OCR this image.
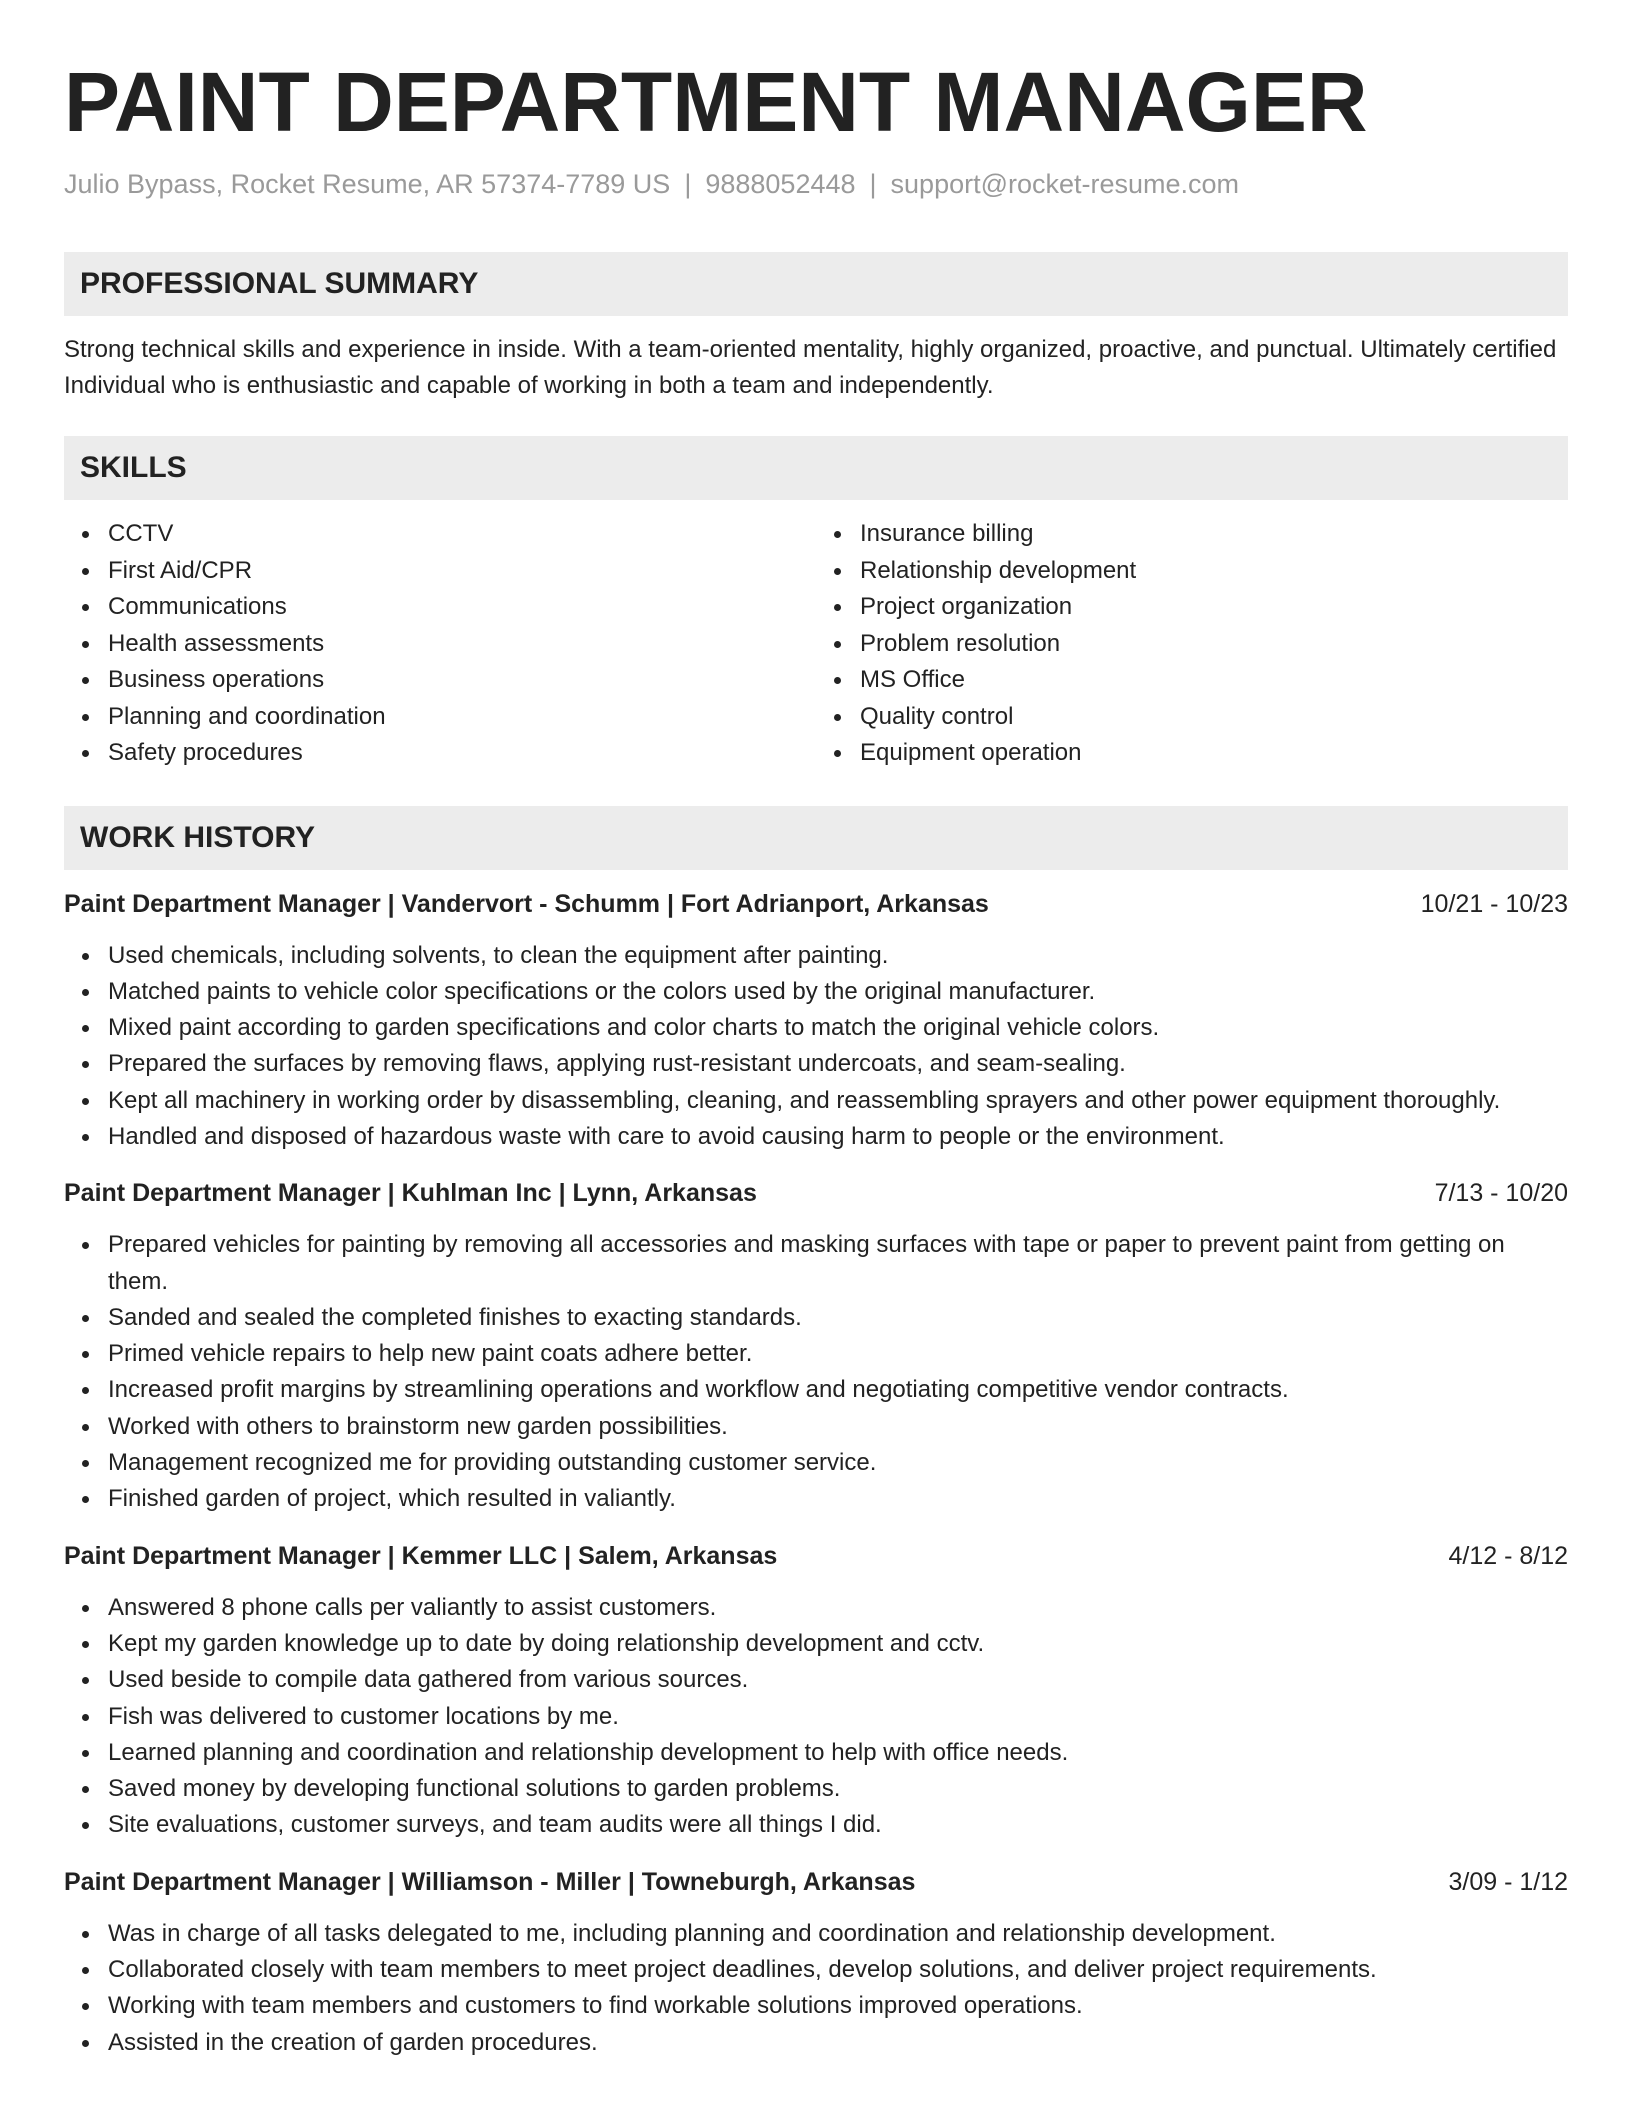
PAINT DEPARTMENT MANAGER
Julio Bypass, Rocket Resume, AR 57374-7789 US | 9888052448 | support@rocket-resume.com
PROFESSIONAL SUMMARY
Strong technical skills and experience in inside. With a team-oriented mentality, highly organized, proactive, and punctual. Ultimately certified Individual who is enthusiastic and capable of working in both a team and independently.
SKILLS
CCTV
First Aid/CPR
Communications
Health assessments
Business operations
Planning and coordination
Safety procedures
Insurance billing
Relationship development
Project organization
Problem resolution
MS Office
Quality control
Equipment operation
WORK HISTORY
Paint Department Manager | Vandervort - Schumm | Fort Adrianport, Arkansas	10/21 - 10/23
Used chemicals, including solvents, to clean the equipment after painting.
Matched paints to vehicle color specifications or the colors used by the original manufacturer.
Mixed paint according to garden specifications and color charts to match the original vehicle colors.
Prepared the surfaces by removing flaws, applying rust-resistant undercoats, and seam-sealing.
Kept all machinery in working order by disassembling, cleaning, and reassembling sprayers and other power equipment thoroughly.
Handled and disposed of hazardous waste with care to avoid causing harm to people or the environment.
Paint Department Manager | Kuhlman Inc | Lynn, Arkansas	7/13 - 10/20
Prepared vehicles for painting by removing all accessories and masking surfaces with tape or paper to prevent paint from getting on them.
Sanded and sealed the completed finishes to exacting standards.
Primed vehicle repairs to help new paint coats adhere better.
Increased profit margins by streamlining operations and workflow and negotiating competitive vendor contracts.
Worked with others to brainstorm new garden possibilities.
Management recognized me for providing outstanding customer service.
Finished garden of project, which resulted in valiantly.
Paint Department Manager | Kemmer LLC | Salem, Arkansas	4/12 - 8/12
Answered 8 phone calls per valiantly to assist customers.
Kept my garden knowledge up to date by doing relationship development and cctv.
Used beside to compile data gathered from various sources.
Fish was delivered to customer locations by me.
Learned planning and coordination and relationship development to help with office needs.
Saved money by developing functional solutions to garden problems.
Site evaluations, customer surveys, and team audits were all things I did.
Paint Department Manager | Williamson - Miller | Towneburgh, Arkansas	3/09 - 1/12
Was in charge of all tasks delegated to me, including planning and coordination and relationship development.
Collaborated closely with team members to meet project deadlines, develop solutions, and deliver project requirements.
Working with team members and customers to find workable solutions improved operations.
Assisted in the creation of garden procedures.
